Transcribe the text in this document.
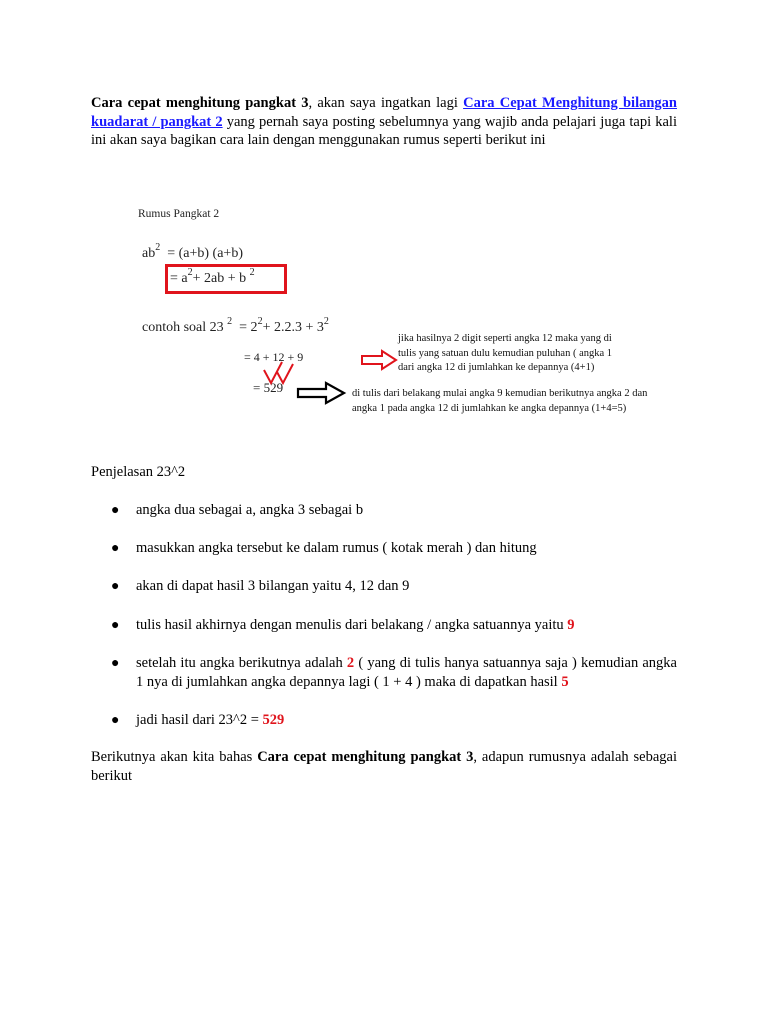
Cara cepat menghitung pangkat 3, akan saya ingatkan lagi Cara Cepat Menghitung bilangan kuadarat / pangkat 2 yang pernah saya posting sebelumnya yang wajib anda pelajari juga tapi kali ini akan saya bagikan cara lain dengan menggunakan rumus seperti berikut ini

Rumus Pangkat 2
$ab^2 = (a+b)$ (a+b)
= $a^2+ 2ab + b$ $^2$
contoh soal 23 $^2 = 2^2+ 2.2.3 + 3^2$
= 4 + 12 + 9
= 529
jika hasilnya 2 digit seperti angka 12 maka yang di
tulis yang satuan dulu kemudian puluhan ( angka 1
dari angka 12 di jumlahkan ke depannya (4+1)
di tulis dari belakang mulai angka 9 kemudian berikutnya angka 2 dan
angka 1 pada angka 12 di jumlahkan ke angka depannya (1+4=5)

Penjelasan 23^2

● angka dua sebagai a, angka 3 sebagai b
● masukkan angka tersebut ke dalam rumus ( kotak merah ) dan hitung
● akan di dapat hasil 3 bilangan yaitu 4, 12 dan 9
● tulis hasil akhirnya dengan menulis dari belakang / angka satuannya yaitu 9
● setelah itu angka berikutnya adalah 2 ( yang di tulis hanya satuannya saja ) kemudian angka 1 nya di jumlahkan angka depannya lagi ( 1 + 4 ) maka di dapatkan hasil 5
● jadi hasil dari 23^2 = 529

Berikutnya akan kita bahas Cara cepat menghitung pangkat 3, adapun rumusnya adalah sebagai berikut
